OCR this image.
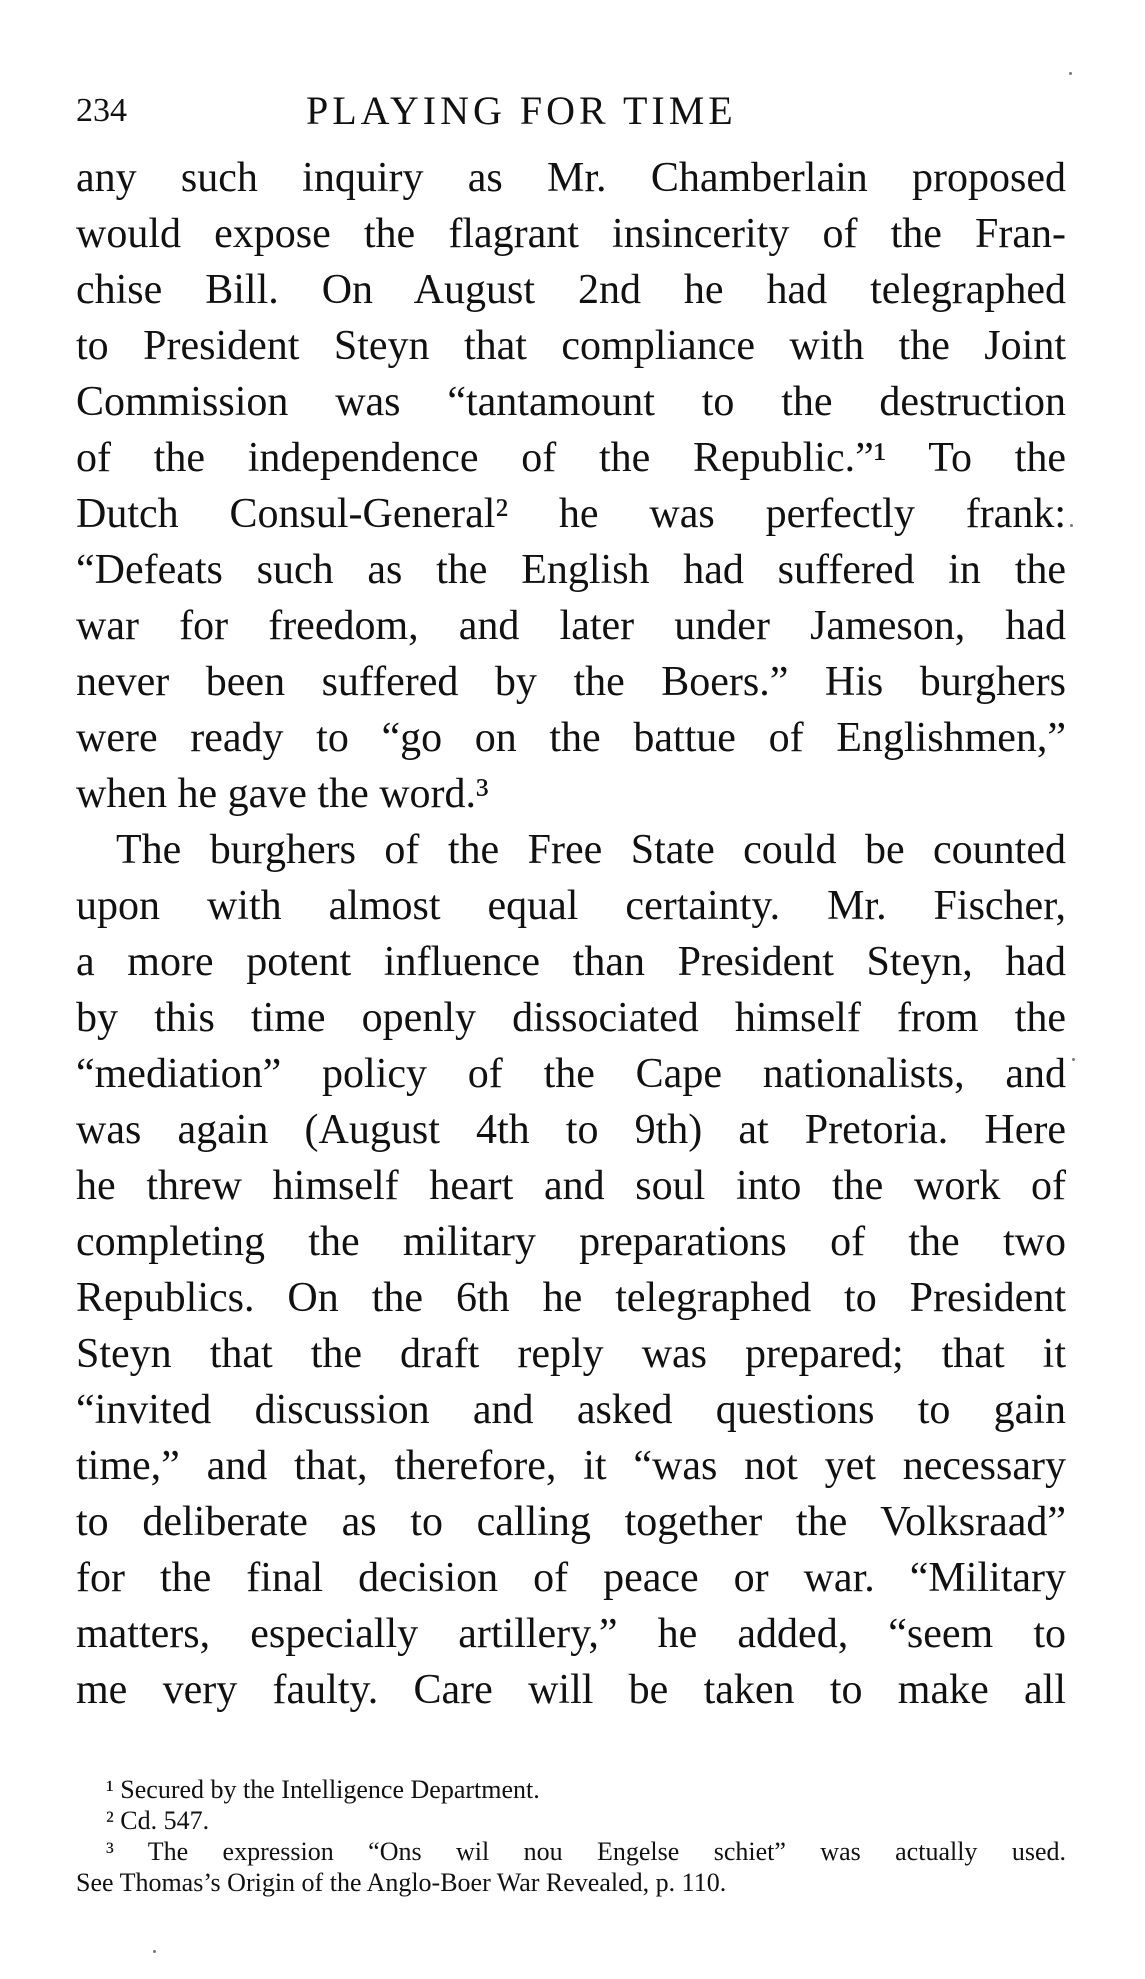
234	PLAYING FOR TIME
any such inquiry as Mr. Chamberlain proposed
would expose the flagrant insincerity of the Fran-
chise Bill. On August 2nd he had telegraphed
to President Steyn that compliance with the Joint
Commission was “tantamount to the destruction
of the independence of the Republic.”¹ To the
Dutch Consul-General² he was perfectly frank:
“Defeats such as the English had suffered in the
war for freedom, and later under Jameson, had
never been suffered by the Boers.” His burghers
were ready to “go on the battue of Englishmen,”
when he gave the word.³
The burghers of the Free State could be counted
upon with almost equal certainty. Mr. Fischer,
a more potent influence than President Steyn, had
by this time openly dissociated himself from the
“mediation” policy of the Cape nationalists, and
was again (August 4th to 9th) at Pretoria. Here
he threw himself heart and soul into the work of
completing the military preparations of the two
Republics. On the 6th he telegraphed to President
Steyn that the draft reply was prepared; that it
“invited discussion and asked questions to gain
time,” and that, therefore, it “was not yet necessary
to deliberate as to calling together the Volksraad”
for the final decision of peace or war. “Military
matters, especially artillery,” he added, “seem to
me very faulty. Care will be taken to make all
¹ Secured by the Intelligence Department.
² Cd. 547.
³ The expression “Ons wil nou Engelse schiet” was actually used.
See Thomas’s Origin of the Anglo-Boer War Revealed, p. 110.
